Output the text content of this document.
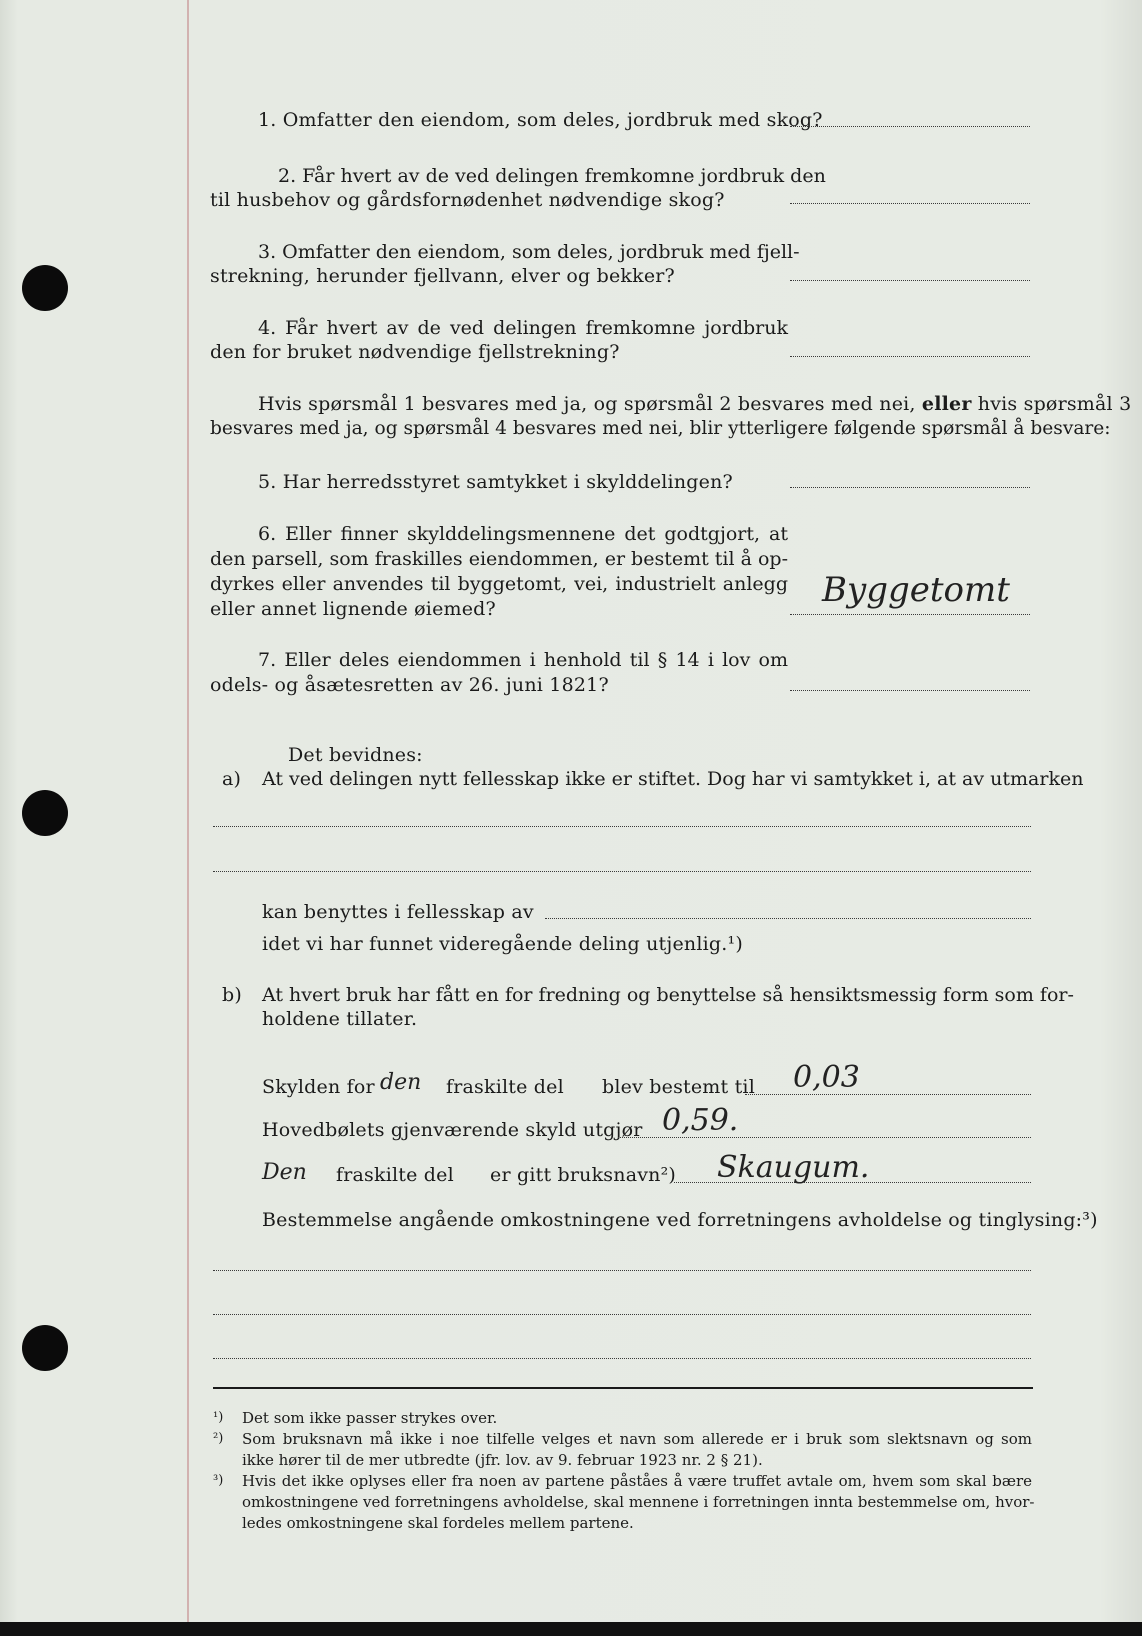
1. Omfatter den eiendom, som deles, jordbruk med skog?
2. Får hvert av de ved delingen fremkomne jordbruk den
til husbehov og gårdsfornødenhet nødvendige skog?
3. Omfatter den eiendom, som deles, jordbruk med fjell-
strekning, herunder fjellvann, elver og bekker?
4. Får hvert av de ved delingen fremkomne jordbruk
den for bruket nødvendige fjellstrekning?
Hvis spørsmål 1 besvares med ja, og spørsmål 2 besvares med nei, eller hvis spørsmål 3
besvares med ja, og spørsmål 4 besvares med nei, blir ytterligere følgende spørsmål å besvare:
5. Har herredsstyret samtykket i skylddelingen?
6. Eller finner skylddelingsmennene det godtgjort, at
den parsell, som fraskilles eiendommen, er bestemt til å op-
dyrkes eller anvendes til byggetomt, vei, industrielt anlegg
eller annet lignende øiemed?	Byggetomt
7. Eller deles eiendommen i henhold til § 14 i lov om
odels- og åsætesretten av 26. juni 1821?
Det bevidnes:
a) At ved delingen nytt fellesskap ikke er stiftet. Dog har vi samtykket i, at av utmarken
kan benyttes i fellesskap av
idet vi har funnet videregående deling utjenlig.¹)
b) At hvert bruk har fått en for fredning og benyttelse så hensiktsmessig form som for-
holdene tillater.
Skylden for den fraskilte del blev bestemt til 0,03
Hovedbølets gjenværende skyld utgjør 0,59.
Den fraskilte del er gitt bruksnavn²) Skaugum.
Bestemmelse angående omkostningene ved forretningens avholdelse og tinglysing:³)
¹) Det som ikke passer strykes over.
²) Som bruksnavn må ikke i noe tilfelle velges et navn som allerede er i bruk som slektsnavn og som
ikke hører til de mer utbredte (jfr. lov. av 9. februar 1923 nr. 2 § 21).
³) Hvis det ikke oplyses eller fra noen av partene påståes å være truffet avtale om, hvem som skal bære
omkostningene ved forretningens avholdelse, skal mennene i forretningen innta bestemmelse om, hvor-
ledes omkostningene skal fordeles mellem partene.
